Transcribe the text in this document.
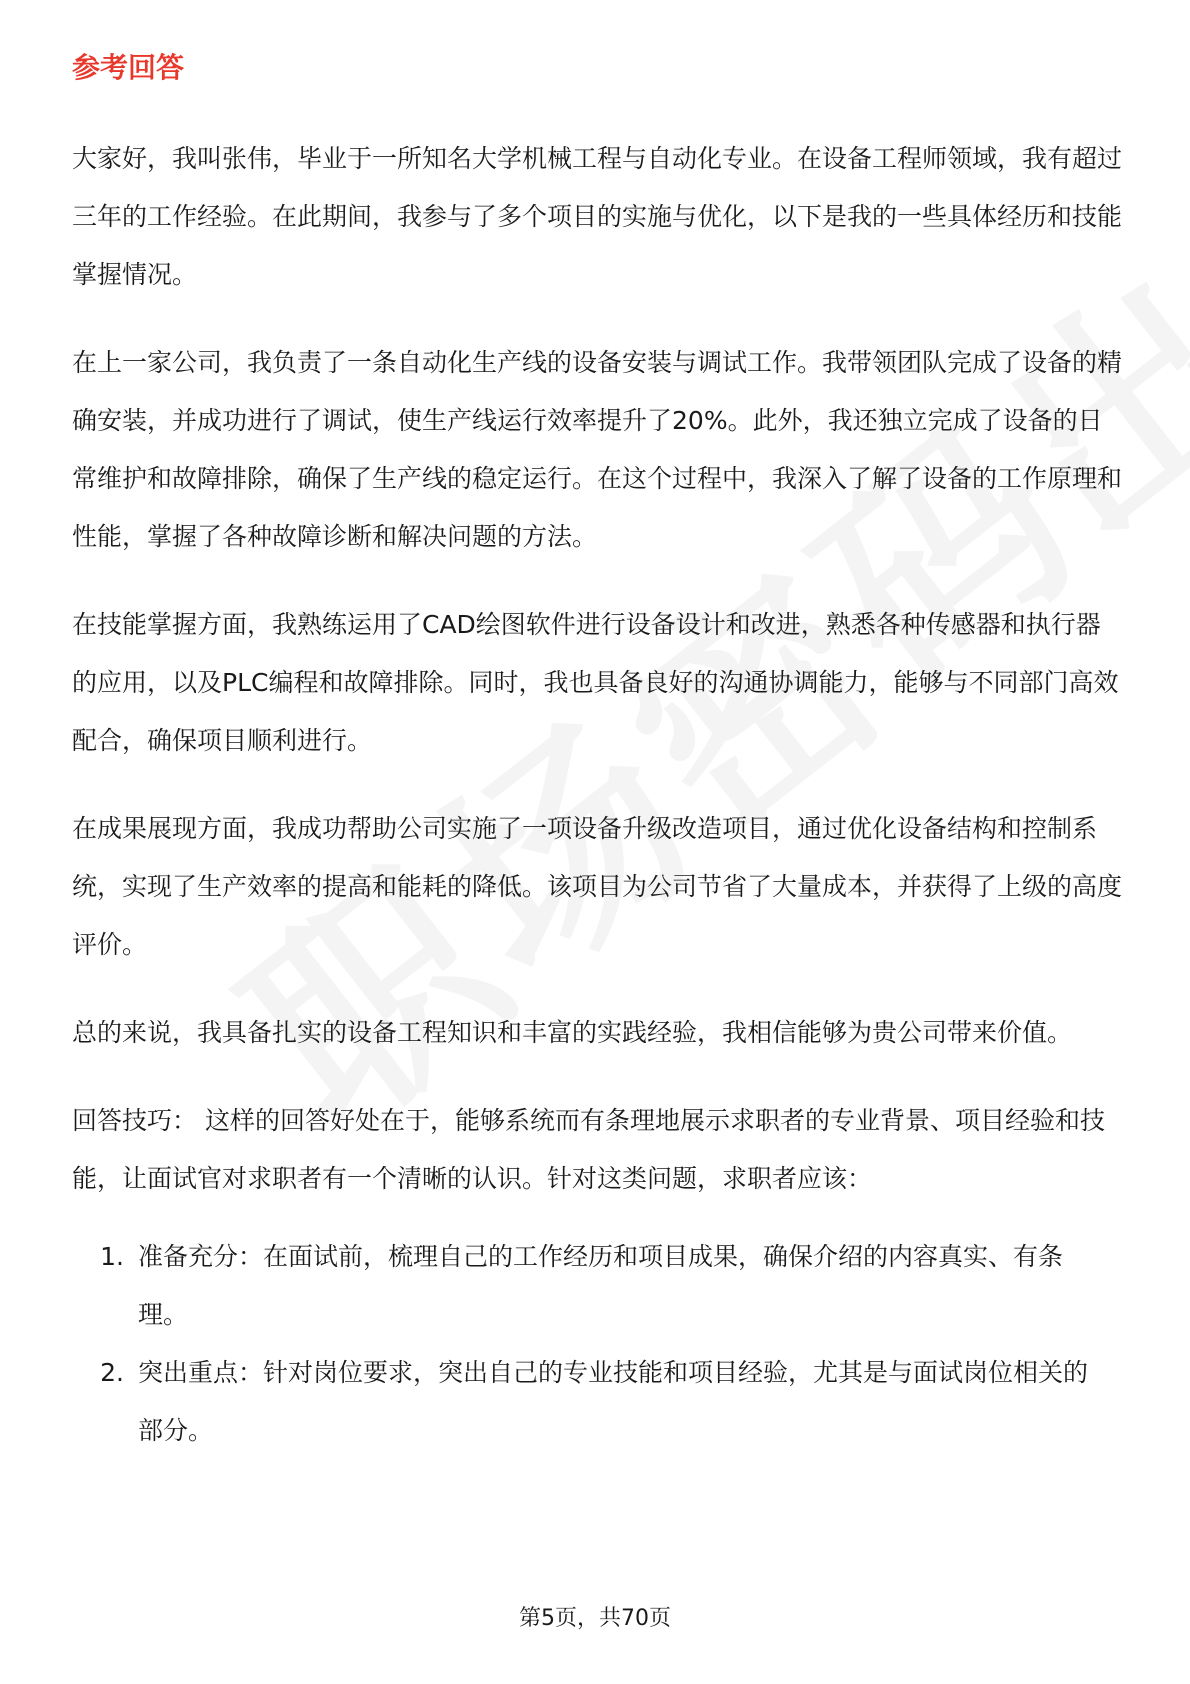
参考回答

大家好，我叫张伟，毕业于一所知名大学机械工程与自动化专业。在设备工程师领域，我有超过三年的工作经验。在此期间，我参与了多个项目的实施与优化，以下是我的一些具体经历和技能掌握情况。

在上一家公司，我负责了一条自动化生产线的设备安装与调试工作。我带领团队完成了设备的精确安装，并成功进行了调试，使生产线运行效率提升了20%。此外，我还独立完成了设备的日常维护和故障排除，确保了生产线的稳定运行。在这个过程中，我深入了解了设备的工作原理和性能，掌握了各种故障诊断和解决问题的方法。

在技能掌握方面，我熟练运用了CAD绘图软件进行设备设计和改进，熟悉各种传感器和执行器的应用，以及PLC编程和故障排除。同时，我也具备良好的沟通协调能力，能够与不同部门高效配合，确保项目顺利进行。

在成果展现方面，我成功帮助公司实施了一项设备升级改造项目，通过优化设备结构和控制系统，实现了生产效率的提高和能耗的降低。该项目为公司节省了大量成本，并获得了上级的高度评价。

总的来说，我具备扎实的设备工程知识和丰富的实践经验，我相信能够为贵公司带来价值。

回答技巧： 这样的回答好处在于，能够系统而有条理地展示求职者的专业背景、项目经验和技能，让面试官对求职者有一个清晰的认识。针对这类问题，求职者应该：

1. 准备充分：在面试前，梳理自己的工作经历和项目成果，确保介绍的内容真实、有条理。
2. 突出重点：针对岗位要求，突出自己的专业技能和项目经验，尤其是与面试岗位相关的部分。
第5页，共70页
